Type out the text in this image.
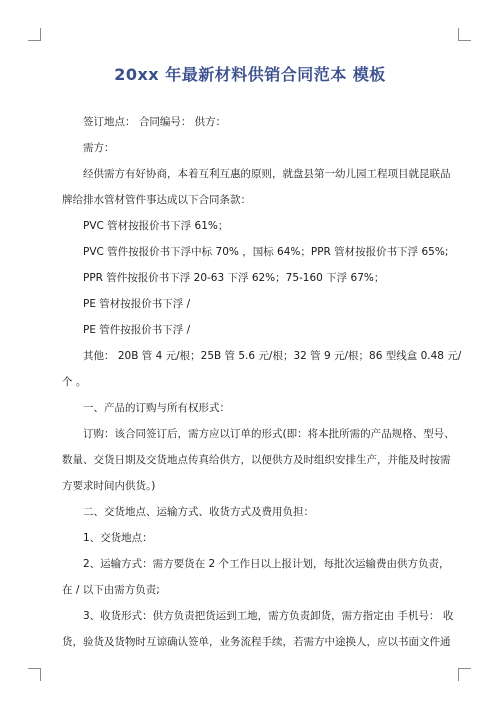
20xx 年最新材料供销合同范本 模板
签订地点： 合同编号： 供方：
需方：
经供需方有好协商，本着互利互惠的原则，就盘县第一幼儿园工程项目就昆联品
牌给排水管材管件事达成以下合同条款：
PVC 管材按报价书下浮 61%；
PVC 管件按报价书下浮中标 70% ，国标 64%；PPR 管材按报价书下浮 65%;
PPR 管件按报价书下浮 20-63 下浮 62%；75-160 下浮 67%；
PE 管材按报价书下浮 /
PE 管件按报价书下浮 /
其他： 20B 管 4 元/根；25B 管 5.6 元/根；32 管 9 元/根；86 型线盒 0.48 元/
个 。
一、产品的订购与所有权形式：
订购：该合同签订后，需方应以订单的形式(即：将本批所需的产品规格、型号、
数量、交货日期及交货地点传真给供方，以便供方及时组织安排生产，并能及时按需
方要求时间内供货。)
二、交货地点、运输方式、收货方式及费用负担：
1、交货地点：
2、运输方式：需方要货在 2 个工作日以上报计划，每批次运输费由供方负责，
在 / 以下由需方负责;
3、收货形式：供方负责把货运到工地，需方负责卸货，需方指定由 手机号： 收
货，验货及货物时互谅确认签单，业务流程手续，若需方中途换人，应以书面文件通
